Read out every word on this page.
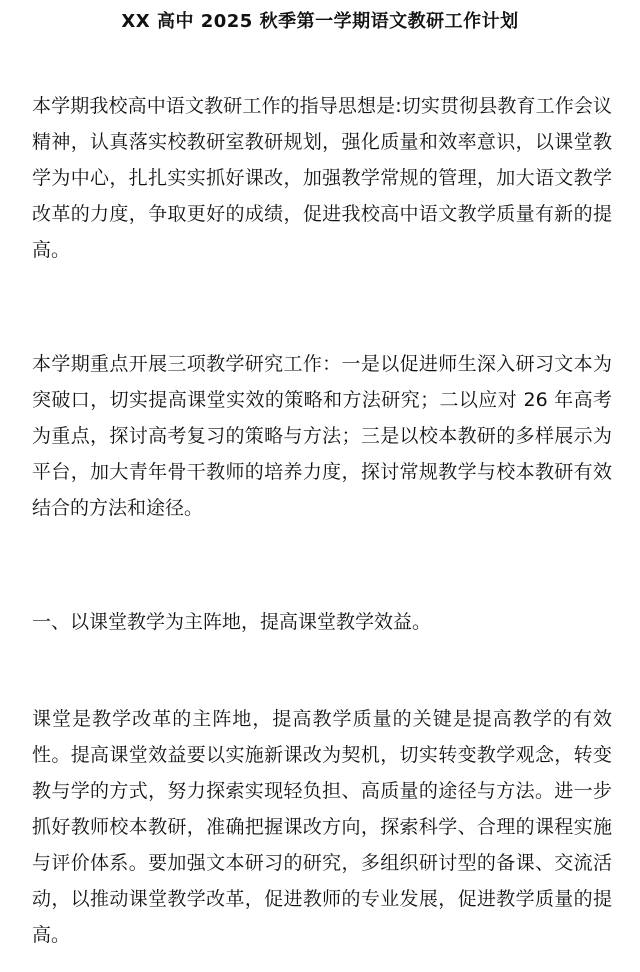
XX 高中 2025 秋季第一学期语文教研工作计划

本学期我校高中语文教研工作的指导思想是:切实贯彻县教育工作会议精神，认真落实校教研室教研规划，强化质量和效率意识，以课堂教学为中心，扎扎实实抓好课改，加强教学常规的管理，加大语文教学改革的力度，争取更好的成绩，促进我校高中语文教学质量有新的提高。

本学期重点开展三项教学研究工作：一是以促进师生深入研习文本为突破口，切实提高课堂实效的策略和方法研究；二以应对 26 年高考为重点，探讨高考复习的策略与方法；三是以校本教研的多样展示为平台，加大青年骨干教师的培养力度，探讨常规教学与校本教研有效结合的方法和途径。

一、以课堂教学为主阵地，提高课堂教学效益。

课堂是教学改革的主阵地，提高教学质量的关键是提高教学的有效性。提高课堂效益要以实施新课改为契机，切实转变教学观念，转变教与学的方式，努力探索实现轻负担、高质量的途径与方法。进一步抓好教师校本教研，准确把握课改方向，探索科学、合理的课程实施与评价体系。要加强文本研习的研究，多组织研讨型的备课、交流活动，以推动课堂教学改革，促进教师的专业发展，促进教学质量的提高。
